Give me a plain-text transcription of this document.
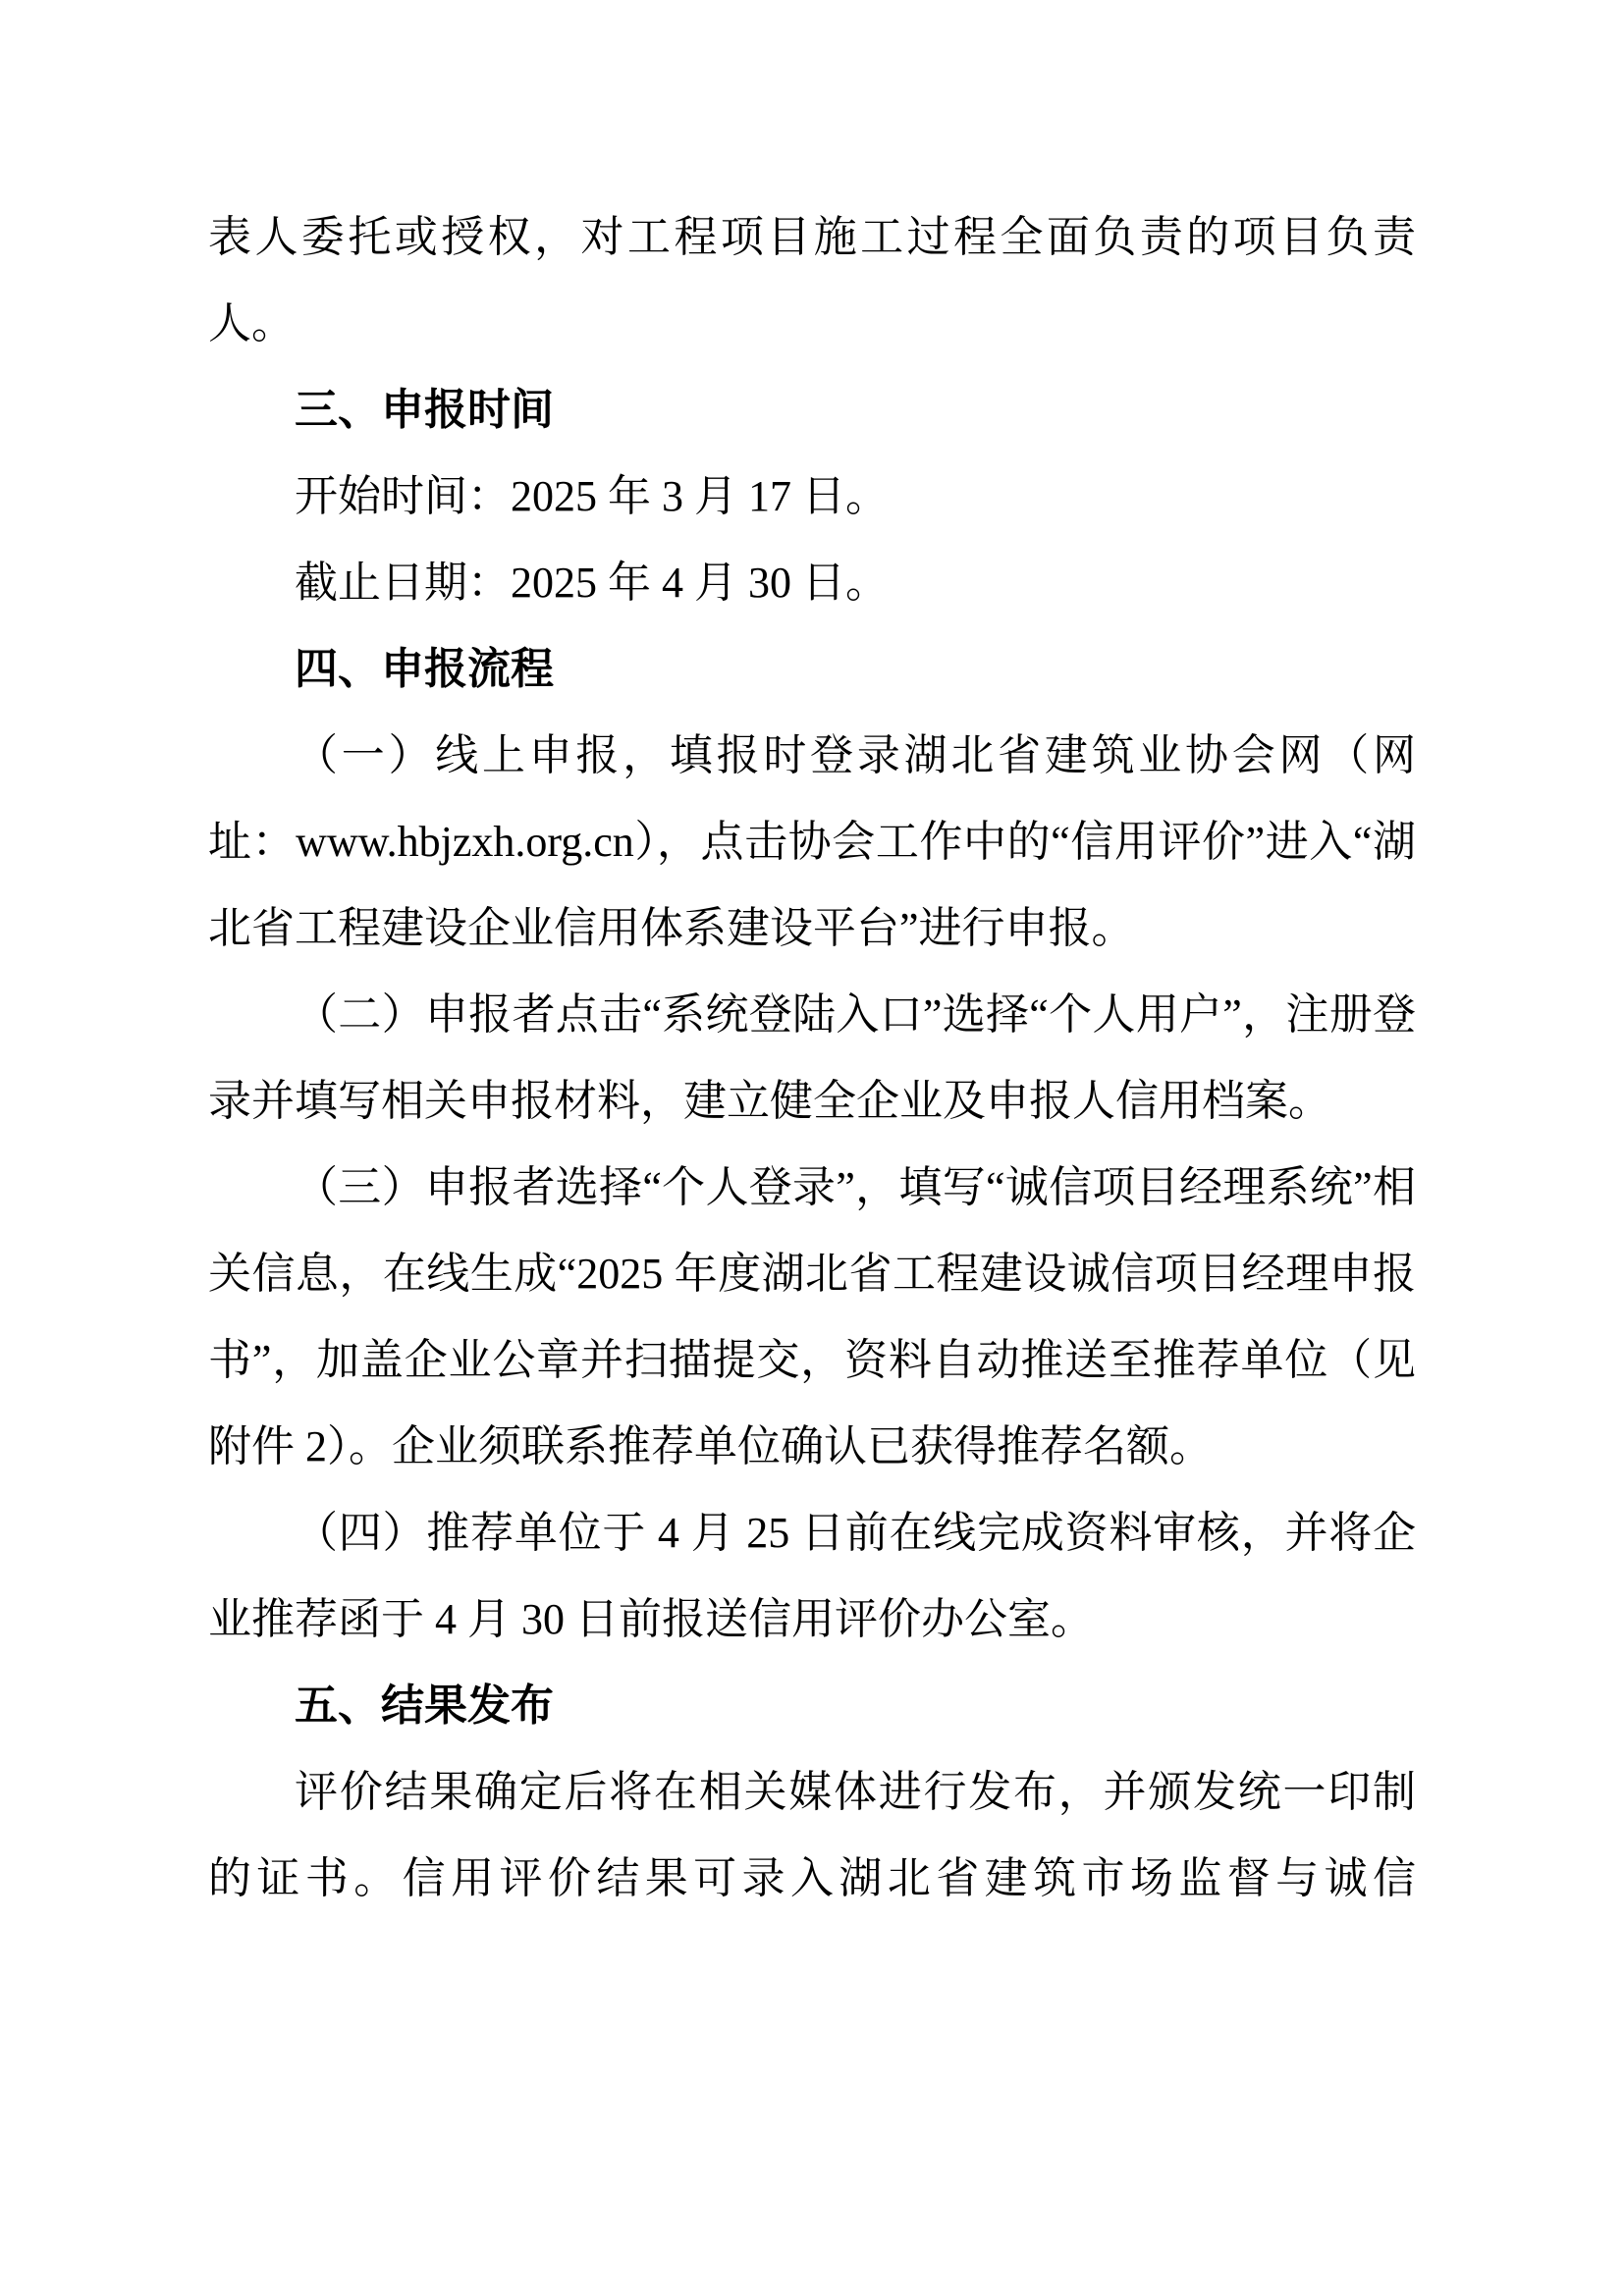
表人委托或授权，对工程项目施工过程全面负责的项目负责人。

三、申报时间

开始时间：2025 年 3 月 17 日。

截止日期：2025 年 4 月 30 日。

四、申报流程

（一）线上申报，填报时登录湖北省建筑业协会网（网址：www.hbjzxh.org.cn），点击协会工作中的“信用评价”进入“湖北省工程建设企业信用体系建设平台”进行申报。

（二）申报者点击“系统登陆入口”选择“个人用户”，注册登录并填写相关申报材料，建立健全企业及申报人信用档案。

（三）申报者选择“个人登录”，填写“诚信项目经理系统”相关信息，在线生成“2025 年度湖北省工程建设诚信项目经理申报书”，加盖企业公章并扫描提交，资料自动推送至推荐单位（见附件 2）。企业须联系推荐单位确认已获得推荐名额。

（四）推荐单位于 4 月 25 日前在线完成资料审核，并将企业推荐函于 4 月 30 日前报送信用评价办公室。

五、结果发布

评价结果确定后将在相关媒体进行发布，并颁发统一印制的证书。信用评价结果可录入湖北省建筑市场监督与诚信
